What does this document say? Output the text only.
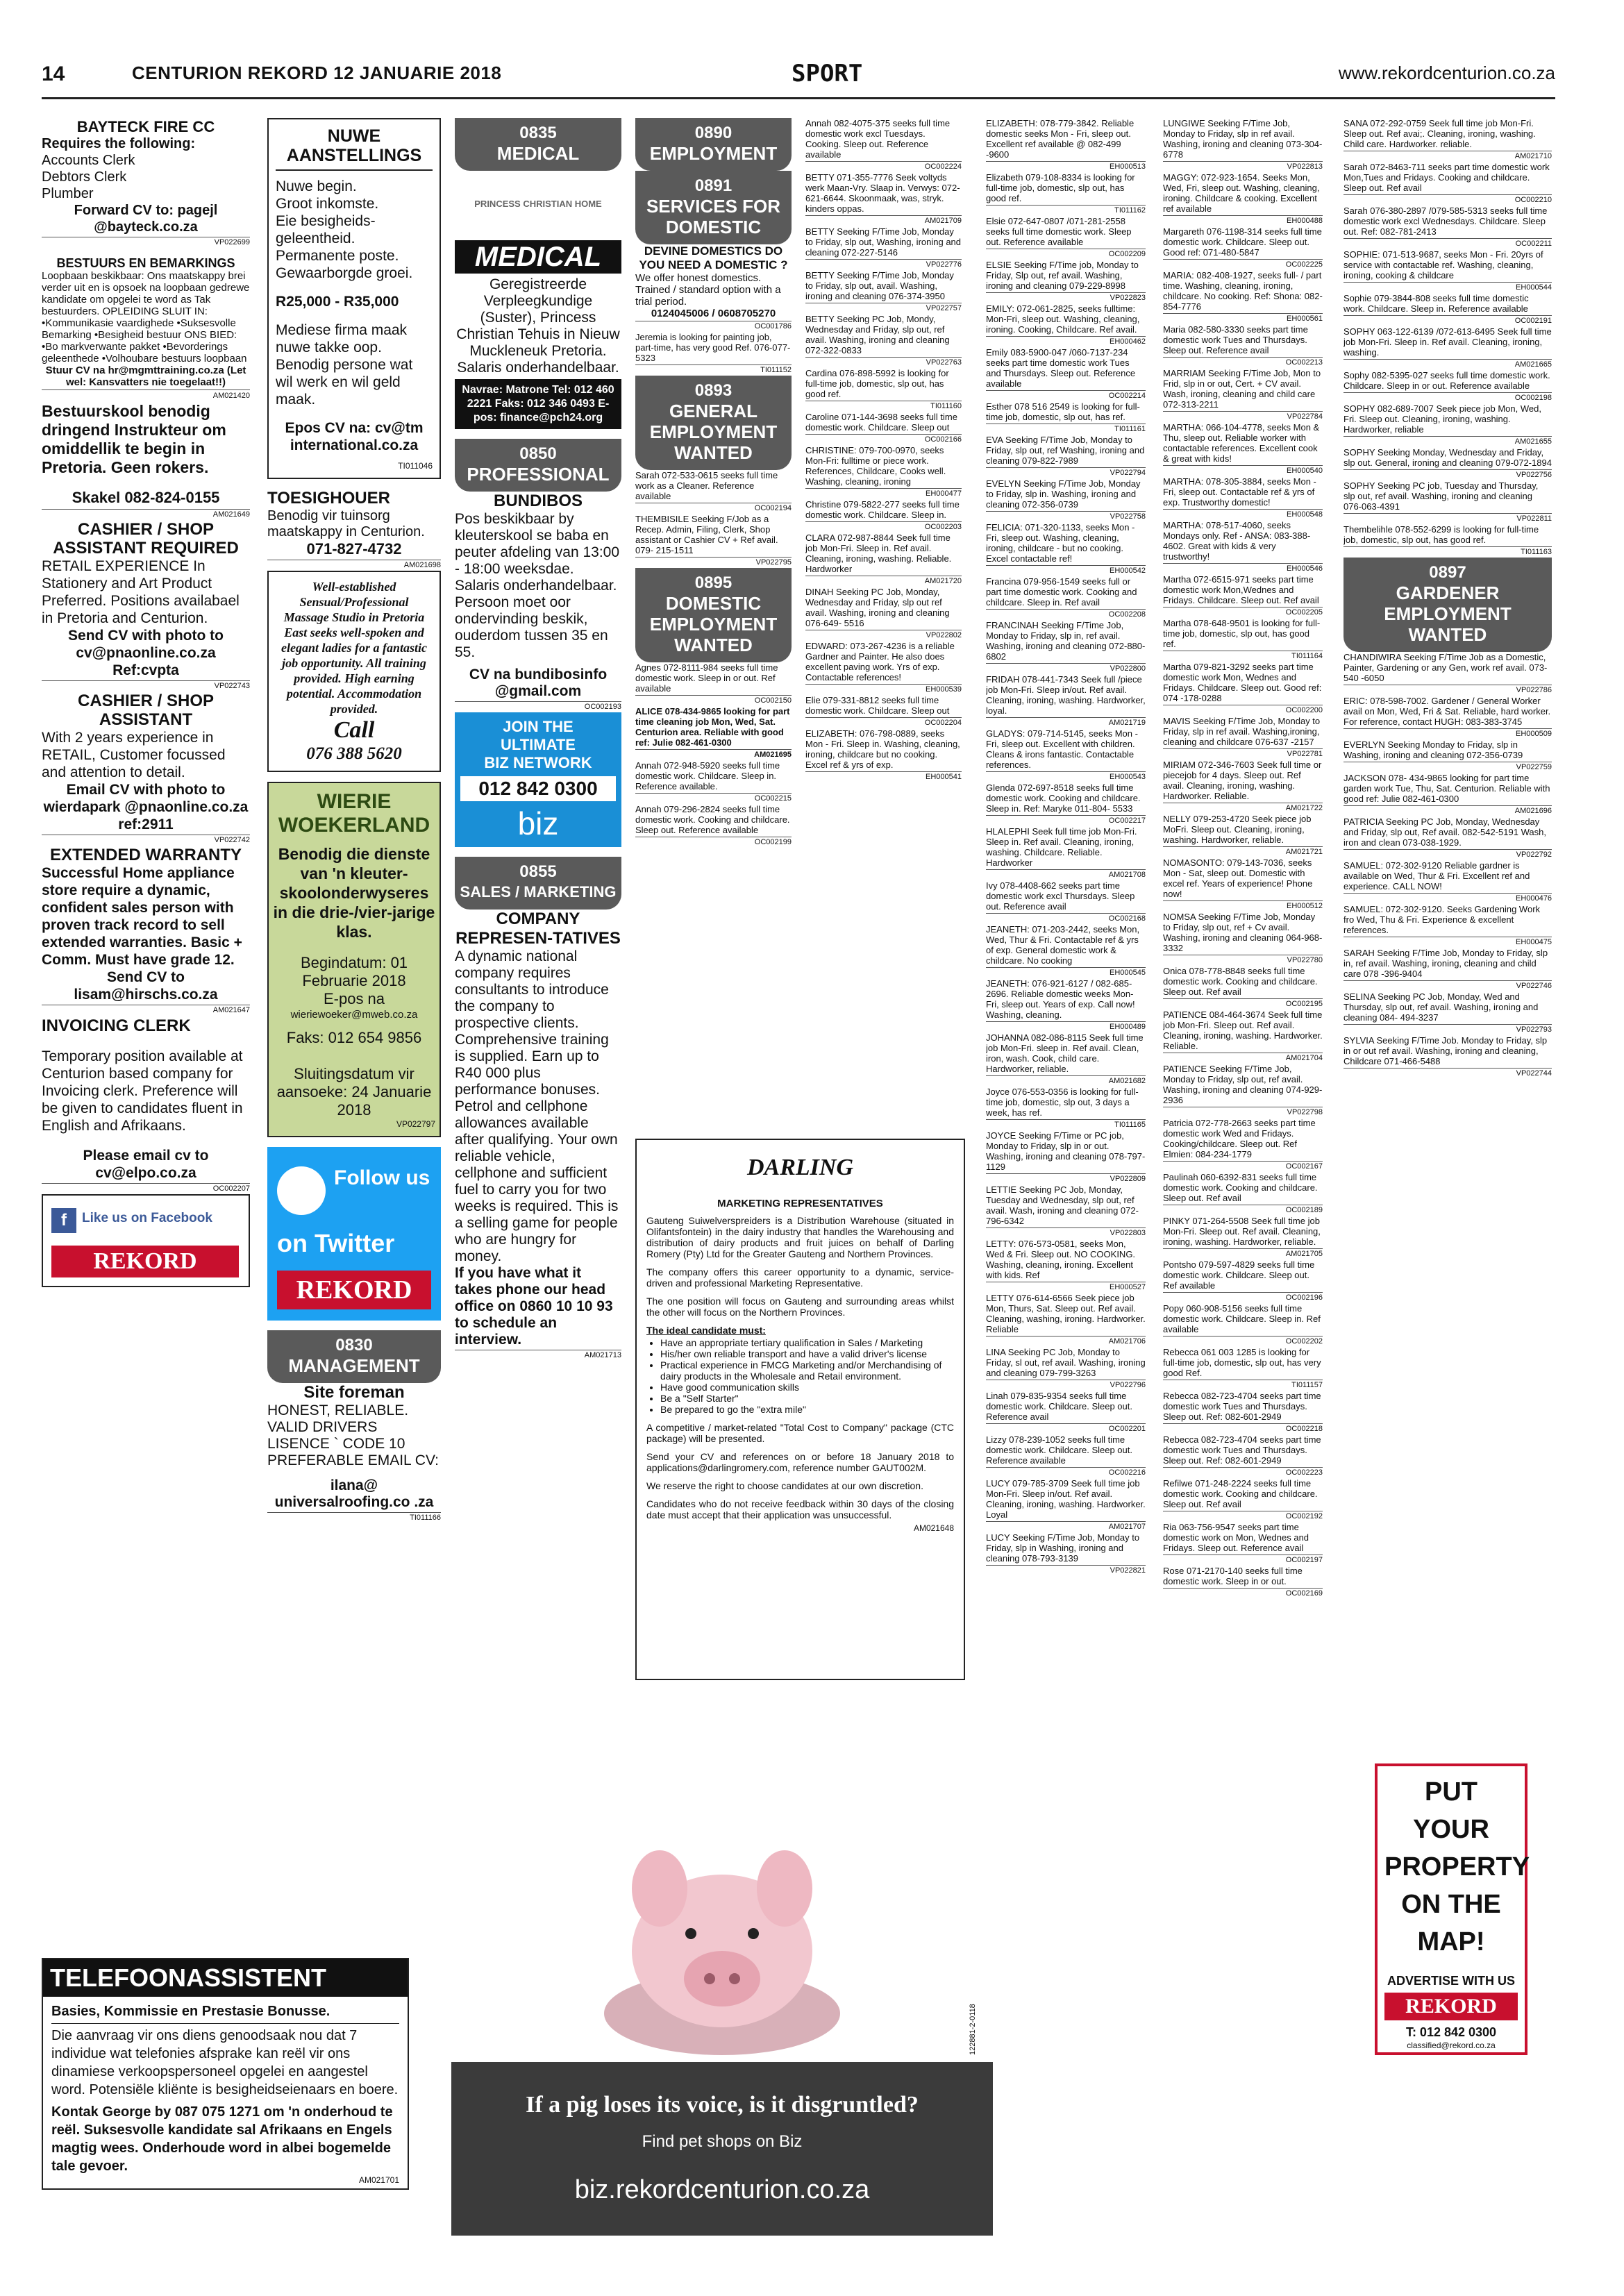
14	CENTURION REKORD 12 JANUARIE 2018	SPORT	www.rekordcenturion.co.za
BAYTECK FIRE CC
Requires the following:
Accounts Clerk
Debtors Clerk
Plumber
Forward CV to: pagejl @bayteck.co.za
VP022699
BESTUURS EN BEMARKINGS
Loopbaan beskikbaar: Ons maatskappy brei verder uit en is opsoek na loopbaan gedrewe kandidate om opgelei te word as Tak bestuurders. OPLEIDING SLUIT IN: •Kommunikasie vaardighede •Suksesvolle Bemarking •Besigheid bestuur ONS BIED: •Bo markverwante pakket •Bevorderings geleenthede •Volhoubare bestuurs loopbaan
Stuur CV na hr@mgmttraining.co.za (Let wel: Kansvatters nie toegelaat!!)
AM021420
Bestuurskool benodig dringend Instrukteur om omiddellik te begin in Pretoria. Geen rokers.
Skakel 082-824-0155
AM021649
CASHIER / SHOP ASSISTANT REQUIRED
RETAIL EXPERIENCE In Stationery and Art Product Preferred. Positions availabael in Pretoria and Centurion.
Send CV with photo to cv@pnaonline.co.za Ref:cvpta
VP022743
CASHIER / SHOP ASSISTANT
With 2 years experience in RETAIL, Customer focussed and attention to detail.
Email CV with photo to wierdapark @pnaonline.co.za ref:2911
VP022742
EXTENDED WARRANTY
Successful Home appliance store require a dynamic, confident sales person with proven track record to sell extended warranties. Basic + Comm. Must have grade 12.
Send CV to lisam@hirschs.co.za
AM021647
INVOICING CLERK
Temporary position available at Centurion based company for Invoicing clerk. Preference will be given to candidates fluent in English and Afrikaans.
Please email cv to cv@elpo.co.za
OC002207
f	Like us on Facebook
REKORD
TELEFOONASSISTENT
Basies, Kommissie en Prestasie Bonusse.
Die aanvraag vir ons diens genoodsaak nou dat 7 individue wat telefonies afsprake kan reël vir ons dinamiese verkoopspersoneel opgelei en aangestel word. Potensiële kliënte is besigheidseienaars en boere.
Kontak George by 087 075 1271 om 'n onderhoud te reël. Suksesvolle kandidate sal Afrikaans en Engels magtig wees. Onderhoude word in albei bogemelde tale gevoer.
AM021701
NUWE AANSTELLINGS
Nuwe begin.
Groot inkomste.
Eie besigheids-geleentheid.
Permanente poste.
Gewaarborgde groei.
R25,000 - R35,000
Mediese firma maak nuwe takke oop. Benodig persone wat wil werk en wil geld maak.
Epos CV na: cv@tm international.co.za
TI011046
TOESIGHOUER
Benodig vir tuinsorg maatskappy in Centurion.
071-827-4732
AM021698
Well-established Sensual/Professional Massage Studio in Pretoria East seeks well-spoken and elegant ladies for a fantastic job opportunity. All training provided. High earning potential. Accommodation provided.
Call
076 388 5620
WIERIE
WOEKERLAND
Benodig die dienste van 'n kleuter-skoolonderwyseres in die drie-/vier-jarige klas.
Begindatum: 01 Februarie 2018
E-pos na
wieriewoeker@mweb.co.za
Faks: 012 654 9856
Sluitingsdatum vir aansoeke: 24 Januarie 2018
VP022797
Follow us
on Twitter
REKORD
0830
MANAGEMENT
Site foreman
HONEST, RELIABLE. VALID DRIVERS LISENCE ` CODE 10 PREFERABLE EMAIL CV:
ilana@ universalroofing.co .za
TI011166
0835
MEDICAL
PRINCESS CHRISTIAN HOME
MEDICAL
Geregistreerde Verpleegkundige (Suster), Princess Christian Tehuis in Nieuw Muckleneuk Pretoria. Salaris onderhandelbaar.
Navrae: Matrone Tel: 012 460 2221 Faks: 012 346 0493 E-pos: finance@pch24.org
0850
PROFESSIONAL
BUNDIBOS
Pos beskikbaar by kleuterskool se baba en peuter afdeling van 13:00 - 18:00 weeksdae. Salaris onderhandelbaar. Persoon moet oor ondervinding beskik, ouderdom tussen 35 en 55.
CV na bundibosinfo @gmail.com
OC002193
JOIN THE
ULTIMATE
BIZ NETWORK
012 842 0300
biz
0855
SALES / MARKETING
COMPANY REPRESEN-TATIVES
A dynamic national company requires consultants to introduce the company to prospective clients. Comprehensive training is supplied. Earn up to R40 000 plus performance bonuses. Petrol and cellphone allowances available after qualifying. Your own reliable vehicle, cellphone and sufficient fuel to carry you for two weeks is required. This is a selling game for people who are hungry for money.
If you have what it takes phone our head office on 0860 10 10 93 to schedule an interview.
AM021713
0890
EMPLOYMENT
0891
SERVICES FOR DOMESTIC
DEVINE DOMESTICS DO YOU NEED A DOMESTIC ?
We offer honest domestics. Trained / standard option with a trial period.
0124045006 / 0608705270
OC001786
Jeremia is looking for painting job, part-time, has very good Ref. 076-077-5323
TI011152
0893
GENERAL EMPLOYMENT WANTED
Sarah 072-533-0615 seeks full time work as a Cleaner. Reference available
OC002194
THEMBISILE Seeking F/Job as a Recep. Admin, Filing, Clerk, Shop assistant or Cashier CV + Ref avail. 079- 215-1511
VP022795
0895
DOMESTIC EMPLOYMENT WANTED
Agnes 072-8111-984 seeks full time domestic work. Sleep in or out. Ref available
OC002150
ALICE 078-434-9865 looking for part time cleaning job Mon, Wed, Sat. Centurion area. Reliable with good ref: Julie 082-461-0300
AM021695
Annah 072-948-5920 seeks full time domestic work. Childcare. Sleep in. Reference available.
OC002215
Annah 079-296-2824 seeks full time domestic work. Cooking and childcare. Sleep out. Reference available
OC002199
Annah 082-4075-375 seeks full time domestic work excl Tuesdays. Cooking. Sleep out. Reference available
OC002224
BETTY 071-355-7776 Seek voltyds werk Maan-Vry. Slaap in. Verwys: 072-621-6644. Skoonmaak, was, stryk. kinders oppas.
AM021709
BETTY Seeking F/Time Job, Monday to Friday, slp out, Washing, ironing and cleaning 072-227-5146
VP022776
BETTY Seeking F/Time Job, Monday to Friday, slp out, avail. Washing, ironing and cleaning 076-374-3950
VP022757
BETTY Seeking PC Job, Mondy, Wednesday and Friday, slp out, ref avail. Washing, ironing and cleaning 072-322-0833
VP022763
Cardina 076-898-5992 is looking for full-time job, domestic, slp out, has good ref.
TI011160
Caroline 071-144-3698 seeks full time domestic work. Childcare. Sleep out
OC002166
CHRISTINE: 079-700-0970, seeks Mon-Fri: fulltime or piece work. References, Childcare, Cooks well. Washing, cleaning, ironing
EH000477
Christine 079-5822-277 seeks full time domestic work. Childcare. Sleep in.
OC002203
CLARA 072-987-8844 Seek full time job Mon-Fri. Sleep in. Ref avail. Cleaning, ironing, washing. Reliable. Hardworker
AM021720
DINAH Seeking PC Job, Monday, Wednesday and Friday, slp out ref avail. Washing, ironing and cleaning 076-649- 5516
VP022802
EDWARD: 073-267-4236 is a reliable Gardner and Painter. He also does excellent paving work. Yrs of exp. Contactable references!
EH000539
Elie 079-331-8812 seeks full time domestic work. Childcare. Sleep out
OC002204
ELIZABETH: 076-798-0889, seeks Mon - Fri. Sleep in. Washing, cleaning, ironing, childcare but no cooking. Excel ref & yrs of exp.
EH000541
DARLING
MARKETING REPRESENTATIVES

Gauteng Suiwelverspreiders is a Distribution Warehouse (situated in Olifantsfontein) in the dairy industry that handles the Warehousing and distribution of dairy products and fruit juices on behalf of Darling Romery (Pty) Ltd for the Greater Gauteng and Northern Provinces.

The company offers this career opportunity to a dynamic, service-driven and professional Marketing Representative.

The one position will focus on Gauteng and surrounding areas whilst the other will focus on the Northern Provinces.

The ideal candidate must:
• Have an appropriate tertiary qualification in Sales / Marketing
• His/her own reliable transport and have a valid driver's license
• Practical experience in FMCG Marketing and/or Merchandising of dairy products in the Wholesale and Retail environment.
• Have good communication skills
• Be a "Self Starter"
• Be prepared to go the "extra mile"

A competitive / market-related "Total Cost to Company" package (CTC package) will be presented.

Send your CV and references on or before 18 January 2018 to applications@darlingromery.com, reference number GAUT002M.

We reserve the right to choose candidates at our own discretion.

Candidates who do not receive feedback within 30 days of the closing date must accept that their application was unsuccessful.

AM021648
If a pig loses its voice, is it disgruntled?
Find pet shops on Biz
biz.rekordcenturion.co.za
122881-2-0118
ELIZABETH: 078-779-3842. Reliable domestic seeks Mon - Fri, sleep out. Excellent ref available @ 082-499 -9600
EH000513
Elizabeth 079-108-8334 is looking for full-time job, domestic, slp out, has good ref.
TI011162
Elsie 072-647-0807 /071-281-2558 seeks full time domestic work. Sleep out. Reference available
OC002209
ELSIE Seeking F/Time job, Monday to Friday, Slp out, ref avail. Washing, ironing and cleaning 079-229-8998
VP022823
EMILY: 072-061-2825, seeks fulltime: Mon-Fri, sleep out. Washing, cleaning, ironing. Cooking, Childcare. Ref avail.
EH000462
Emily 083-5900-047 /060-7137-234 seeks part time domestic work Tues and Thursdays. Sleep out. Reference available
OC002214
Esther 078 516 2549 is looking for full-time job, domestic, slp out, has ref.
TI011161
EVA Seeking F/Time Job, Monday to Friday, slp out, ref Washing, ironing and cleaning 079-822-7989
VP022794
EVELYN Seeking F/Time Job, Monday to Friday, slp in. Washing, ironing and cleaning 072-356-0739
VP022758
FELICIA: 071-320-1133, seeks Mon - Fri, sleep out. Washing, cleaning, ironing, childcare - but no cooking. Excel contactable ref!
EH000542
Francina 079-956-1549 seeks full or part time domestic work. Cooking and childcare. Sleep in. Ref avail
OC002208
FRANCINAH Seeking F/Time Job, Monday to Friday, slp in, ref avail. Washing, ironing and cleaning 072-880- 6802
VP022800
FRIDAH 078-441-7343 Seek full /piece job Mon-Fri. Sleep in/out. Ref avail. Cleaning, ironing, washing. Hardworker, loyal.
AM021719
GLADYS: 079-714-5145, seeks Mon - Fri, sleep out. Excellent with children. Cleans & irons fantastic. Contactable references.
EH000543
Glenda 072-697-8518 seeks full time domestic work. Cooking and childcare. Sleep in. Ref: Maryke 011-804- 5533
OC002217
HLALEPHI Seek full time job Mon-Fri. Sleep in. Ref avail. Cleaning, ironing, washing. Childcare. Reliable. Hardworker
AM021708
Ivy 078-4408-662 seeks part time domestic work excl Thursdays. Sleep out. Reference avail
OC002168
JEANETH: 071-203-2442, seeks Mon, Wed, Thur & Fri. Contactable ref & yrs of exp. General domestic work & childcare. No cooking
EH000545
JEANETH: 076-921-6127 / 082-685-2696. Reliable domestic weeks Mon-Fri, sleep out. Years of exp. Call now! Washing, cleaning.
EH000489
JOHANNA 082-086-8115 Seek full time job Mon-Fri. sleep in. Ref avail. Clean, iron, wash. Cook, child care. Hardworker, reliable.
AM021682
Joyce 076-553-0356 is looking for full-time job, domestic, slp out, 3 days a week, has ref.
TI011165
JOYCE Seeking F/Time or PC job, Monday to Friday, slp in or out. Washing, ironing and cleaning 078-797- 1129
VP022809
LETTIE Seeking PC Job, Monday, Tuesday and Wednesday, slp out, ref avail. Wash, ironing and cleaning 072-796-6342
VP022803
LETTY: 076-573-0581, seeks Mon, Wed & Fri. Sleep out. NO COOKING. Washing, cleaning, ironing. Excellent with kids. Ref
EH000527
LETTY 076-614-6566 Seek piece job Mon, Thurs, Sat. Sleep out. Ref avail. Cleaning, washing, ironing. Hardworker. Reliable
AM021706
LINA Seeking PC Job, Monday to Friday, sl out, ref avail. Washing, ironing and cleaning 079-799-3263
VP022796
Linah 079-835-9354 seeks full time domestic work. Childcare. Sleep out. Reference avail
OC002201
Lizzy 078-239-1052 seeks full time domestic work. Childcare. Sleep out. Reference available
OC002216
LUCY 079-785-3709 Seek full time job Mon-Fri. Sleep in/out. Ref avail. Cleaning, ironing, washing. Hardworker. Loyal
AM021707
LUCY Seeking F/Time Job, Monday to Friday, slp in Washing, ironing and cleaning 078-793-3139
VP022821
LUNGIWE Seeking F/Time Job, Monday to Friday, slp in ref avail. Washing, ironing and cleaning 073-304-6778
VP022813
MAGGY: 072-923-1654. Seeks Mon, Wed, Fri, sleep out. Washing, cleaning, ironing. Childcare & cooking. Excellent ref available
EH000488
Margareth 076-1198-314 seeks full time domestic work. Childcare. Sleep out. Good ref: 071-480-5847
OC002225
MARIA: 082-408-1927, seeks full- / part time. Washing, cleaning, ironing, childcare. No cooking. Ref: Shona: 082-854-7776
EH000561
Maria 082-580-3330 seeks part time domestic work Tues and Thursdays. Sleep out. Reference avail
OC002213
MARRIAM Seeking F/Time Job, Mon to Frid, slp in or out, Cert. + CV avail. Wash, ironing, cleaning and child care 072-313-2211
VP022784
MARTHA: 066-104-4778, seeks Mon & Thu, sleep out. Reliable worker with contactable references. Excellent cook & great with kids!
EH000540
MARTHA: 078-305-3884, seeks Mon - Fri, sleep out. Contactable ref & yrs of exp. Trustworthy domestic!
EH000548
MARTHA: 078-517-4060, seeks Mondays only. Ref - ANSA: 083-388-4602. Great with kids & very trustworthy!
EH000546
Martha 072-6515-971 seeks part time domestic work Mon,Wednes and Fridays. Childcare. Sleep out. Ref avail
OC002205
Martha 078-648-9501 is looking for full-time job, domestic, slp out, has good ref.
TI011164
Martha 079-821-3292 seeks part time domestic work Mon, Wednes and Fridays. Childcare. Sleep out. Good ref: 074 -178-0288
OC002200
MAVIS Seeking F/Time Job, Monday to Friday, slp in ref avail. Washing,ironing, cleaning and childcare 076-637 -2157
VP022781
MIRIAM 072-346-7603 Seek full time or piecejob for 4 days. Sleep out. Ref avail. Cleaning, ironing, washing. Hardworker. Reliable.
AM021722
NELLY 079-253-4720 Seek piece job MoFri. Sleep out. Cleaning, ironing, washing. Hardworker, reliable.
AM021721
NOMASONTO: 079-143-7036, seeks Mon - Sat, sleep out. Domestic with excel ref. Years of experience! Phone now!
EH000512
NOMSA Seeking F/Time Job, Monday to Friday, slp out, ref + Cv avail. Washing, ironing and cleaning 064-968- 3332
VP022780
Onica 078-778-8848 seeks full time domestic work. Cooking and childcare. Sleep out. Ref avail
OC002195
PATIENCE 084-464-3674 Seek full time job Mon-Fri. Sleep out. Ref avail. Cleaning, ironing, washing. Hardworker. Reliable.
AM021704
PATIENCE Seeking F/Time Job, Monday to Friday, slp out, ref avail. Washing, ironing and cleaning 074-929- 2936
VP022798
Patricia 072-778-2663 seeks part time domestic work Wed and Fridays. Cooking/childcare. Sleep out. Ref Elmien: 084-234-1779
OC002167
Paulinah 060-6392-831 seeks full time domestic work. Cooking and childcare. Sleep out. Ref avail
OC002189
PINKY 071-264-5508 Seek full time job Mon-Fri. Sleep out. Ref avail. Cleaning, ironing, washing. Hardworker, reliable.
AM021705
Pontsho 079-597-4829 seeks full time domestic work. Childcare. Sleep out. Ref available
OC002196
Popy 060-908-5156 seeks full time domestic work. Childcare. Sleep in. Ref available
OC002202
Rebecca 061 003 1285 is looking for full-time job, domestic, slp out, has very good Ref.
TI011157
Rebecca 082-723-4704 seeks part time domestic work Tues and Thursdays. Sleep out. Ref: 082-601-2949
OC002218
Rebecca 082-723-4704 seeks part time domestic work Tues and Thursdays. Sleep out. Ref: 082-601-2949
OC002223
Refilwe 071-248-2224 seeks full time domestic work. Cooking and childcare. Sleep out. Ref avail
OC002192
Ria 063-756-9547 seeks part time domestic work on Mon, Wednes and Fridays. Sleep out. Reference avail
OC002197
Rose 071-2170-140 seeks full time domestic work. Sleep in or out.
OC002169
SANA 072-292-0759 Seek full time job Mon-Fri. Sleep out. Ref avai;. Cleaning, ironing, washing. Child care. Hardworker. reliable.
AM021710
Sarah 072-8463-711 seeks part time domestic work Mon,Tues and Fridays. Cooking and childcare. Sleep out. Ref avail
OC002210
Sarah 076-380-2897 /079-585-5313 seeks full time domestic work excl Wednesdays. Childcare. Sleep out. Ref: 082-781-2413
OC002211
SOPHIE: 071-513-9687, seeks Mon - Fri. 20yrs of service with contactable ref. Washing, cleaning, ironing, cooking & childcare
EH000544
Sophie 079-3844-808 seeks full time domestic work. Childcare. Sleep in. Reference available
OC002191
SOPHY 063-122-6139 /072-613-6495 Seek full time job Mon-Fri. Sleep in. Ref avail. Cleaning, ironing, washing.
AM021665
Sophy 082-5395-027 seeks full time domestic work. Childcare. Sleep in or out. Reference available
OC002198
SOPHY 082-689-7007 Seek piece job Mon, Wed, Fri. Sleep out. Cleaning, ironing, washing. Hardworker, reliable
AM021655
SOPHY Seeking Monday, Wednesday and Friday, slp out. General, ironing and cleaning 079-072-1894
VP022756
SOPHY Seeking PC job, Tuesday and Thursday, slp out, ref avail. Washing, ironing and cleaning 076-063-4391
VP022811
Thembelihle 078-552-6299 is looking for full-time job, domestic, slp out, has good ref.
TI011163
0897
GARDENER EMPLOYMENT WANTED
CHANDIWIRA Seeking F/Time Job as a Domestic, Painter, Gardening or any Gen, work ref avail. 073-540 -6050
VP022786
ERIC: 078-598-7002. Gardener / General Worker avail on Mon, Wed, Fri & Sat. Reliable, hard worker. For reference, contact HUGH: 083-383-3745
EH000509
EVERLYN Seeking Monday to Friday, slp in Washing, ironing and cleaning 072-356-0739
VP022759
JACKSON 078- 434-9865 looking for part time garden work Tue, Thu, Sat. Centurion. Reliable with good ref: Julie 082-461-0300
AM021696
PATRICIA Seeking PC Job, Monday, Wednesday and Friday, slp out, Ref avail. 082-542-5191 Wash, iron and clean 073-038-1929.
VP022792
SAMUEL: 072-302-9120 Reliable gardner is available on Wed, Thur & Fri. Excellent ref and experience. CALL NOW!
EH000476
SAMUEL: 072-302-9120. Seeks Gardening Work fro Wed, Thu & Fri. Experience & excellent references.
EH000475
SARAH Seeking F/Time Job, Monday to Friday, slp in, ref avail. Washing, ironing, cleaning and child care 078 -396-9404
VP022746
SELINA Seeking PC Job, Monday, Wed and Thursday, slp out, ref avail. Washing, ironing and cleaning 084- 494-3237
VP022793
SYLVIA Seeking F/Time Job. Monday to Friday, slp in or out ref avail. Washing, ironing and cleaning, Childcare 071-466-5488
VP022744
PUT YOUR PROPERTY ON THE MAP!
ADVERTISE WITH US
REKORD
T: 012 842 0300
classified@rekord.co.za
